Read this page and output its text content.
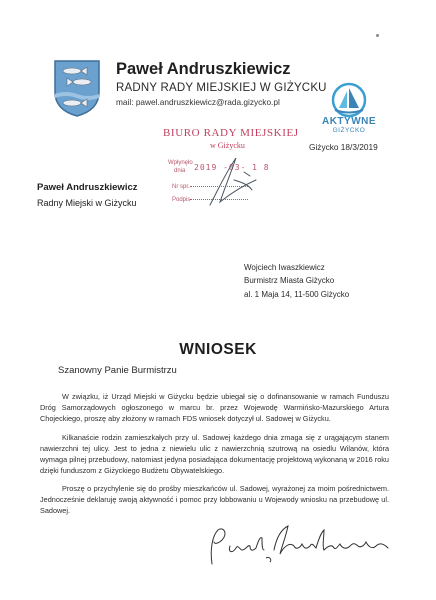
Paweł Andruszkiewicz
RADNY RADY MIEJSKIEJ W GIŻYCKU
mail: pawel.andruszkiewicz@rada.gizycko.pl
AKTYWNE
GIŻYCKO
BIURO RADY MIEJSKIEJ
w Giżycku	Giżycko 18/3/2019
Wpłynęło
dnia 2019 -03- 1 8
Nr spr.
Podpis
Paweł Andruszkiewicz
Radny Miejski w Giżycku
Wojciech Iwaszkiewicz
Burmistrz Miasta Giżycko
al. 1 Maja 14, 11-500 Giżycko
WNIOSEK
Szanowny Panie Burmistrzu
W związku, iż Urząd Miejski w Giżycku będzie ubiegał się o dofinansowanie w ramach Funduszu Dróg Samorządowych ogłoszonego w marcu br. przez Wojewodę Warmińsko-Mazurskiego Artura Chojeckiego, proszę aby złożony w ramach FDS wniosek dotyczył ul. Sadowej w Giżycku.
Kilkanaście rodzin zamieszkałych przy ul. Sadowej każdego dnia zmaga się z urągającym stanem nawierzchni tej ulicy. Jest to jedna z niewielu ulic z nawierzchnią szutrową na osiedlu Wilanów, która wymaga pilnej przebudowy, natomiast jedyna posiadająca dokumentację projektową wykonaną w 2016 roku dzięki funduszom z Giżyckiego Budżetu Obywatelskiego.
Proszę o przychylenie się do prośby mieszkańców ul. Sadowej, wyrażonej za moim pośrednictwem. Jednocześnie deklaruję swoją aktywność i pomoc przy lobbowaniu u Wojewody wniosku na przebudowę ul. Sadowej.
